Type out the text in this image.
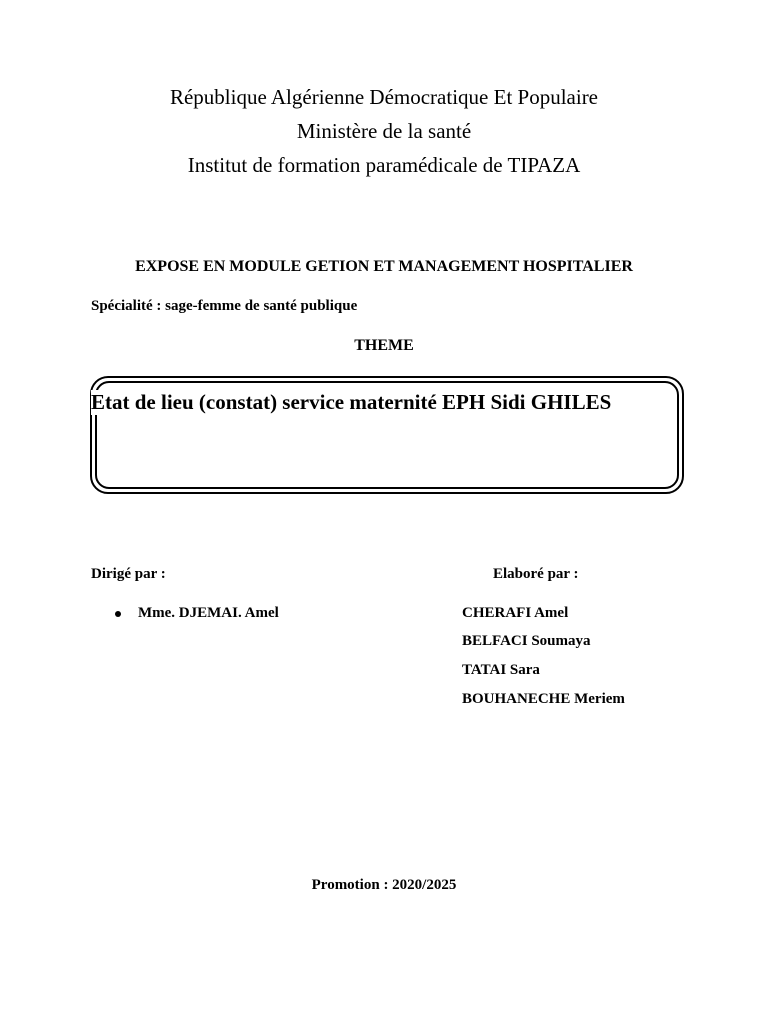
République Algérienne Démocratique Et Populaire
Ministère de la santé
Institut de formation paramédicale de TIPAZA
EXPOSE EN MODULE GETION ET MANAGEMENT HOSPITALIER
Spécialité : sage-femme de santé publique
THEME
Etat de lieu (constat) service maternité EPH Sidi GHILES
Dirigé par :	Elaboré par :
Mme. DJEMAI. Amel	CHERAFI Amel
BELFACI Soumaya
TATAI Sara
BOUHANECHE Meriem
Promotion : 2020/2025
